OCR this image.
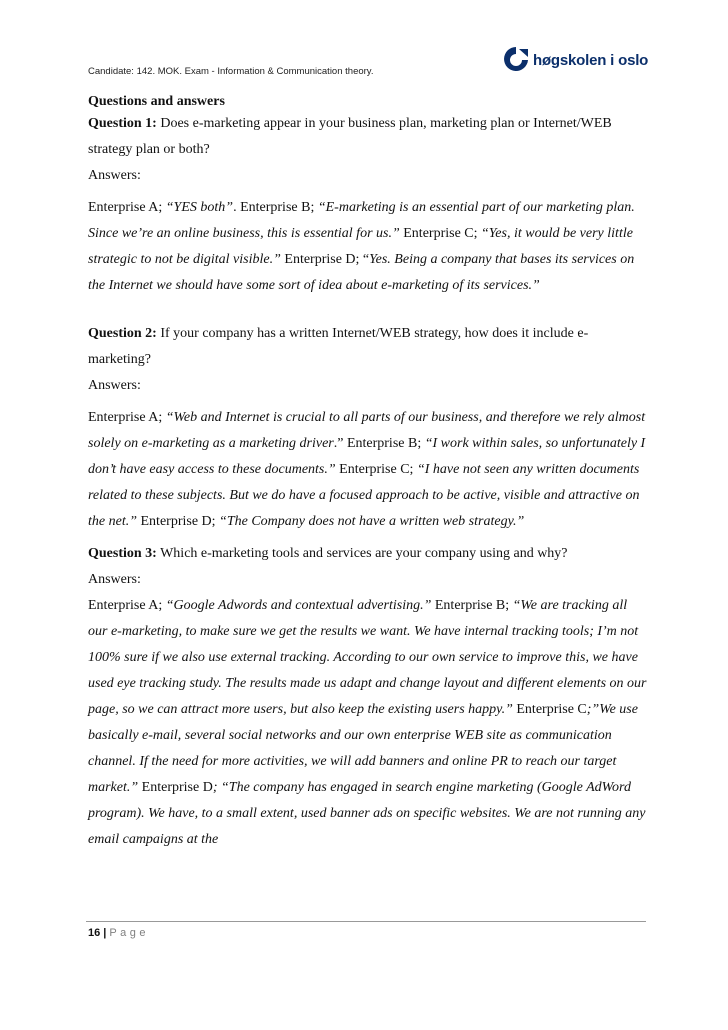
Candidate: 142. MOK. Exam - Information & Communication theory.
høgskolen i oslo

Questions and answers

Question 1: Does e-marketing appear in your business plan, marketing plan or Internet/WEB strategy plan or both?

Answers:

Enterprise A; “YES both”. Enterprise B; “E-marketing is an essential part of our marketing plan. Since we’re an online business, this is essential for us.” Enterprise C; “Yes, it would be very little strategic to not be digital visible.” Enterprise D; “Yes. Being a company that bases its services on the Internet we should have some sort of idea about e-marketing of its services.”

Question 2: If your company has a written Internet/WEB strategy, how does it include e-marketing?

Answers:

Enterprise A; “Web and Internet is crucial to all parts of our business, and therefore we rely almost solely on e-marketing as a marketing driver.” Enterprise B; “I work within sales, so unfortunately I don’t have easy access to these documents.” Enterprise C; “I have not seen any written documents related to these subjects. But we do have a focused approach to be active, visible and attractive on the net.” Enterprise D; “The Company does not have a written web strategy.”

Question 3: Which e-marketing tools and services are your company using and why?

Answers:

Enterprise A; “Google Adwords and contextual advertising.” Enterprise B; “We are tracking all our e-marketing, to make sure we get the results we want. We have internal tracking tools; I’m not 100% sure if we also use external tracking. According to our own service to improve this, we have used eye tracking study. The results made us adapt and change layout and different elements on our page, so we can attract more users, but also keep the existing users happy.” Enterprise C;”We use basically e-mail, several social networks and our own enterprise WEB site as communication channel. If the need for more activities, we will add banners and online PR to reach our target market.” Enterprise D; “The company has engaged in search engine marketing (Google AdWord program). We have, to a small extent, used banner ads on specific websites. We are not running any email campaigns at the

16 | Page
